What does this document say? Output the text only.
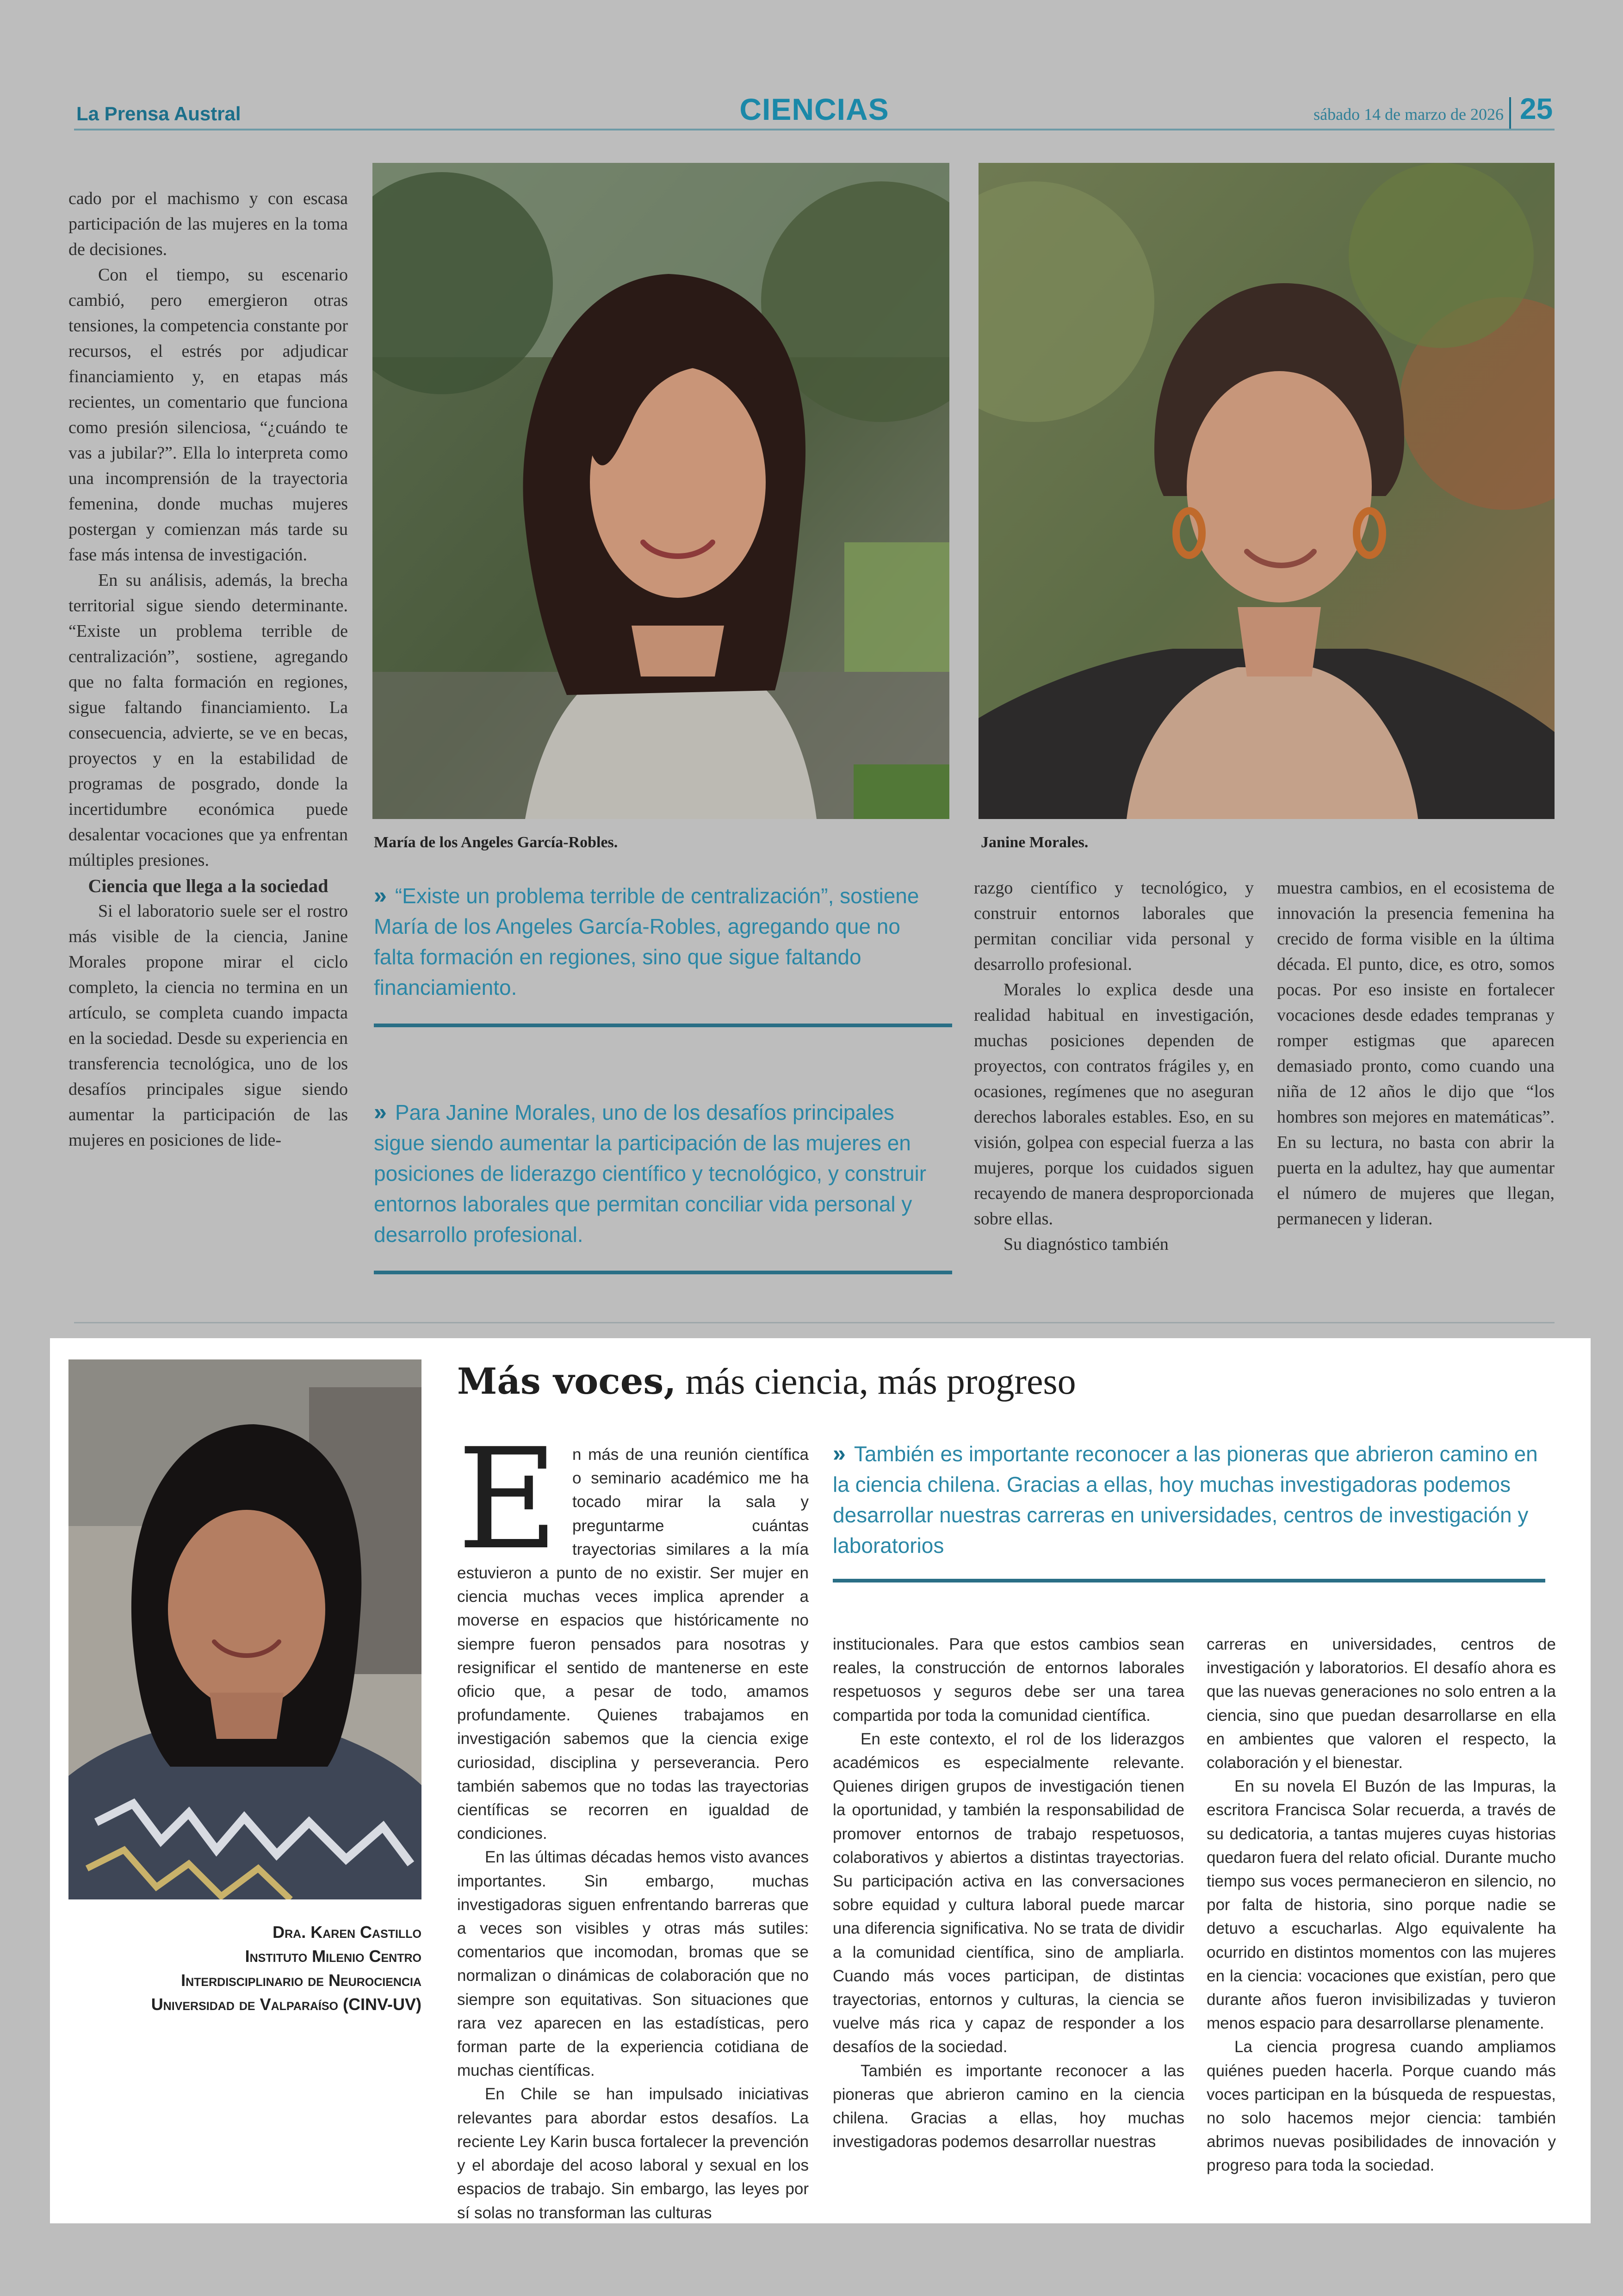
La Prensa Austral	CIENCIAS	sábado 14 de marzo de 2026 25

cado por el machismo y con escasa participación de las mujeres en la toma de decisiones.

Con el tiempo, su escenario cambió, pero emergieron otras tensiones, la competencia constante por recursos, el estrés por adjudicar financiamiento y, en etapas más recientes, un comentario que funciona como presión silenciosa, “¿cuándo te vas a jubilar?”. Ella lo interpreta como una incomprensión de la trayectoria femenina, donde muchas mujeres postergan y comienzan más tarde su fase más intensa de investigación.

En su análisis, además, la brecha territorial sigue siendo determinante. “Existe un problema terrible de centralización”, sostiene, agregando que no falta formación en regiones, sigue faltando financiamiento. La consecuencia, advierte, se ve en becas, proyectos y en la estabilidad de programas de posgrado, donde la incertidumbre económica puede desalentar vocaciones que ya enfrentan múltiples presiones.

Ciencia que llega a la sociedad

Si el laboratorio suele ser el rostro más visible de la ciencia, Janine Morales propone mirar el ciclo completo, la ciencia no termina en un artículo, se completa cuando impacta en la sociedad. Desde su experiencia en transferencia tecnológica, uno de los desafíos principales sigue siendo aumentar la participación de las mujeres en posiciones de lide-

María de los Angeles García-Robles.	Janine Morales.
» “Existe un problema terrible de centralización”, sostiene María de los Angeles García-Robles, agregando que no falta formación en regiones, sino que sigue faltando financiamiento.
» Para Janine Morales, uno de los desafíos principales sigue siendo aumentar la participación de las mujeres en posiciones de liderazgo científico y tecnológico, y construir entornos laborales que permitan conciliar vida personal y desarrollo profesional.

razgo científico y tecnológico, y construir entornos laborales que permitan conciliar vida personal y desarrollo profesional.

Morales lo explica desde una realidad habitual en investigación, muchas posiciones dependen de proyectos, con contratos frágiles y, en ocasiones, regímenes que no aseguran derechos laborales estables. Eso, en su visión, golpea con especial fuerza a las mujeres, porque los cuidados siguen recayendo de manera desproporcionada sobre ellas.

Su diagnóstico también

muestra cambios, en el ecosistema de innovación la presencia femenina ha crecido de forma visible en la última década. El punto, dice, es otro, somos pocas. Por eso insiste en fortalecer vocaciones desde edades tempranas y romper estigmas que aparecen demasiado pronto, como cuando una niña de 12 años le dijo que “los hombres son mejores en matemáticas”. En su lectura, no basta con abrir la puerta en la adultez, hay que aumentar el número de mujeres que llegan, permanecen y lideran.

Dra. Karen Castillo
Instituto Milenio Centro
Interdisciplinario de Neurociencia
Universidad de Valparaíso (CINV-UV)
Más voces, más ciencia, más progreso

En más de una reunión científica o seminario académico me ha tocado mirar la sala y preguntarme cuántas trayectorias similares a la mía estuvieron a punto de no existir. Ser mujer en ciencia muchas veces implica aprender a moverse en espacios que históricamente no siempre fueron pensados para nosotras y resignificar el sentido de mantenerse en este oficio que, a pesar de todo, amamos profundamente. Quienes trabajamos en investigación sabemos que la ciencia exige curiosidad, disciplina y perseverancia. Pero también sabemos que no todas las trayectorias científicas se recorren en igualdad de condiciones.

En las últimas décadas hemos visto avances importantes. Sin embargo, muchas investigadoras siguen enfrentando barreras que a veces son visibles y otras más sutiles: comentarios que incomodan, bromas que se normalizan o dinámicas de colaboración que no siempre son equitativas. Son situaciones que rara vez aparecen en las estadísticas, pero forman parte de la experiencia cotidiana de muchas científicas.

En Chile se han impulsado iniciativas relevantes para abordar estos desafíos. La reciente Ley Karin busca fortalecer la prevención y el abordaje del acoso laboral y sexual en los espacios de trabajo. Sin embargo, las leyes por sí solas no transforman las culturas

» También es importante reconocer a las pioneras que abrieron camino en la ciencia chilena. Gracias a ellas, hoy muchas investigadoras podemos desarrollar nuestras carreras en universidades, centros de investigación y laboratorios

institucionales. Para que estos cambios sean reales, la construcción de entornos laborales respetuosos y seguros debe ser una tarea compartida por toda la comunidad científica.

En este contexto, el rol de los liderazgos académicos es especialmente relevante. Quienes dirigen grupos de investigación tienen la oportunidad, y también la responsabilidad de promover entornos de trabajo respetuosos, colaborativos y abiertos a distintas trayectorias. Su participación activa en las conversaciones sobre equidad y cultura laboral puede marcar una diferencia significativa. No se trata de dividir a la comunidad científica, sino de ampliarla. Cuando más voces participan, de distintas trayectorias, entornos y culturas, la ciencia se vuelve más rica y capaz de responder a los desafíos de la sociedad.

También es importante reconocer a las pioneras que abrieron camino en la ciencia chilena. Gracias a ellas, hoy muchas investigadoras podemos desarrollar nuestras

carreras en universidades, centros de investigación y laboratorios. El desafío ahora es que las nuevas generaciones no solo entren a la ciencia, sino que puedan desarrollarse en ella en ambientes que valoren el respecto, la colaboración y el bienestar.

En su novela El Buzón de las Impuras, la escritora Francisca Solar recuerda, a través de su dedicatoria, a tantas mujeres cuyas historias quedaron fuera del relato oficial. Durante mucho tiempo sus voces permanecieron en silencio, no por falta de historia, sino porque nadie se detuvo a escucharlas. Algo equivalente ha ocurrido en distintos momentos con las mujeres en la ciencia: vocaciones que existían, pero que durante años fueron invisibilizadas y tuvieron menos espacio para desarrollarse plenamente.

La ciencia progresa cuando ampliamos quiénes pueden hacerla. Porque cuando más voces participan en la búsqueda de respuestas, no solo hacemos mejor ciencia: también abrimos nuevas posibilidades de innovación y progreso para toda la sociedad.
